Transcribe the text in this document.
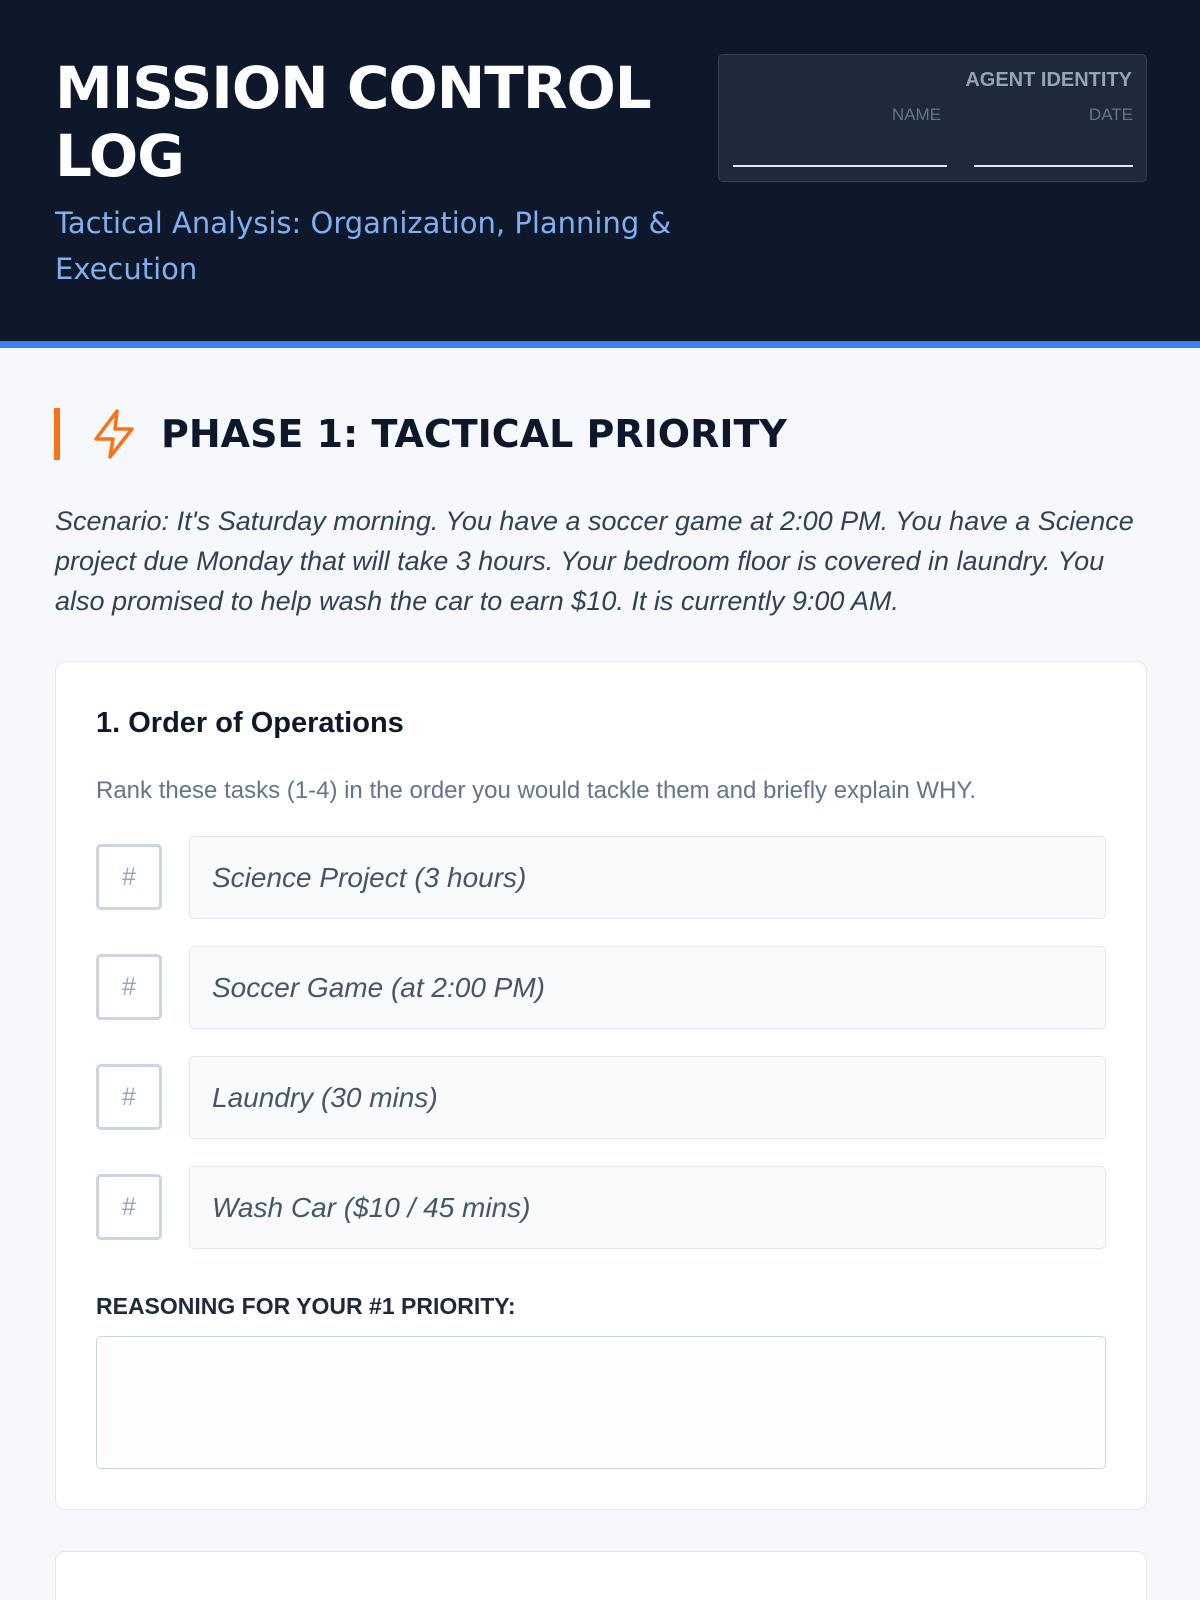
MISSION CONTROL LOG
Tactical Analysis: Organization, Planning & Execution
AGENT IDENTITY
NAME	DATE
PHASE 1: TACTICAL PRIORITY
Scenario: It's Saturday morning. You have a soccer game at 2:00 PM. You have a Science project due Monday that will take 3 hours. Your bedroom floor is covered in laundry. You also promised to help wash the car to earn $10. It is currently 9:00 AM.
1. Order of Operations
Rank these tasks (1-4) in the order you would tackle them and briefly explain WHY.
#	Science Project (3 hours)
#	Soccer Game (at 2:00 PM)
#	Laundry (30 mins)
#	Wash Car ($10 / 45 mins)
REASONING FOR YOUR #1 PRIORITY:
